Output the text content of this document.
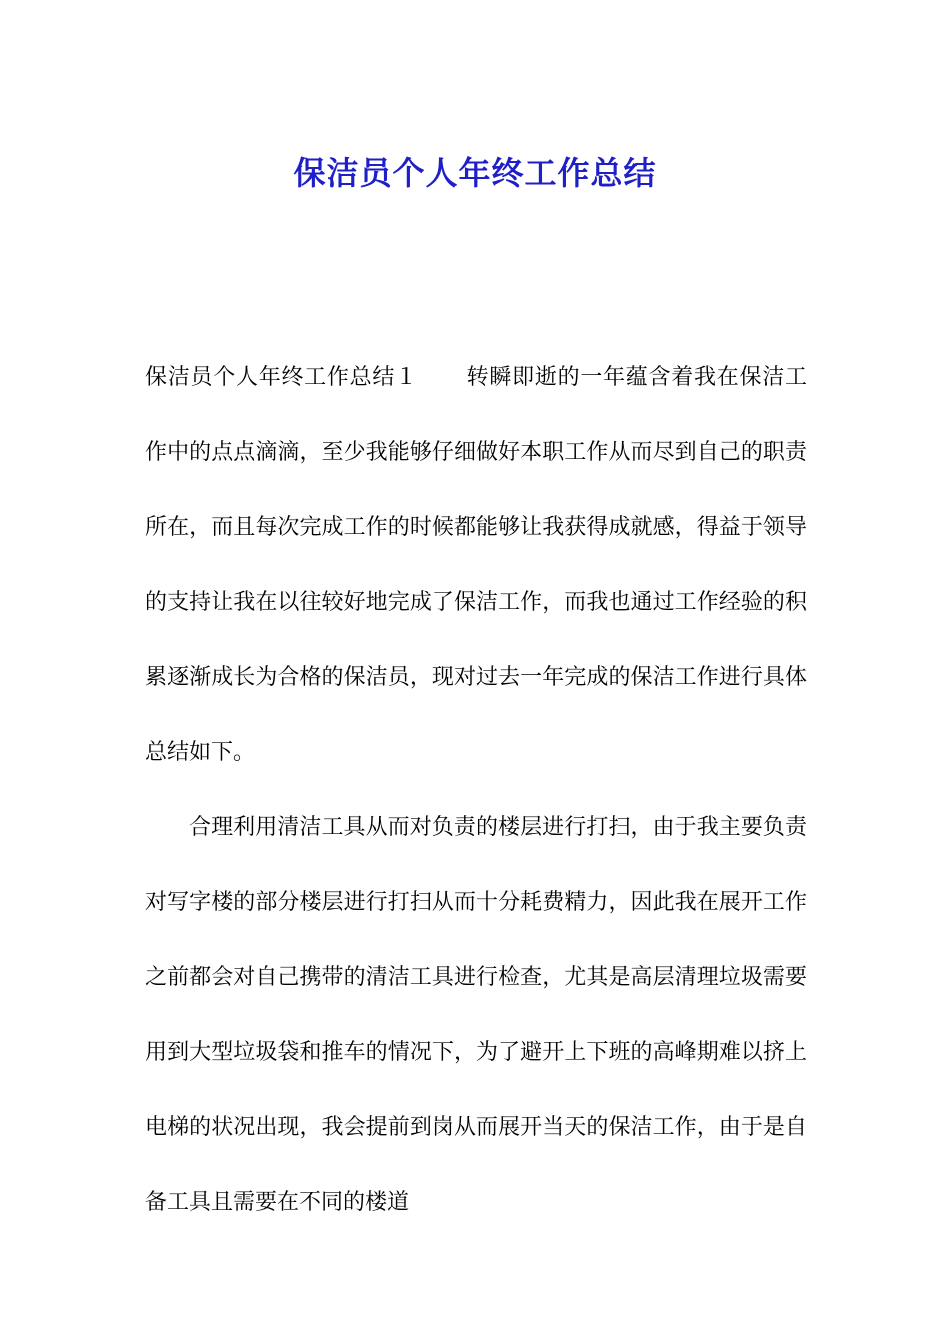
保洁员个人年终工作总结

保洁员个人年终工作总结１ 转瞬即逝的一年蕴含着我在保洁工作中的点点滴滴，至少我能够仔细做好本职工作从而尽到自己的职责所在，而且每次完成工作的时候都能够让我获得成就感，得益于领导的支持让我在以往较好地完成了保洁工作，而我也通过工作经验的积累逐渐成长为合格的保洁员，现对过去一年完成的保洁工作进行具体总结如下。

合理利用清洁工具从而对负责的楼层进行打扫，由于我主要负责对写字楼的部分楼层进行打扫从而十分耗费精力，因此我在展开工作之前都会对自己携带的清洁工具进行检查，尤其是高层清理垃圾需要用到大型垃圾袋和推车的情况下，为了避开上下班的高峰期难以挤上电梯的状况出现，我会提前到岗从而展开当天的保洁工作，由于是自备工具且需要在不同的楼道
